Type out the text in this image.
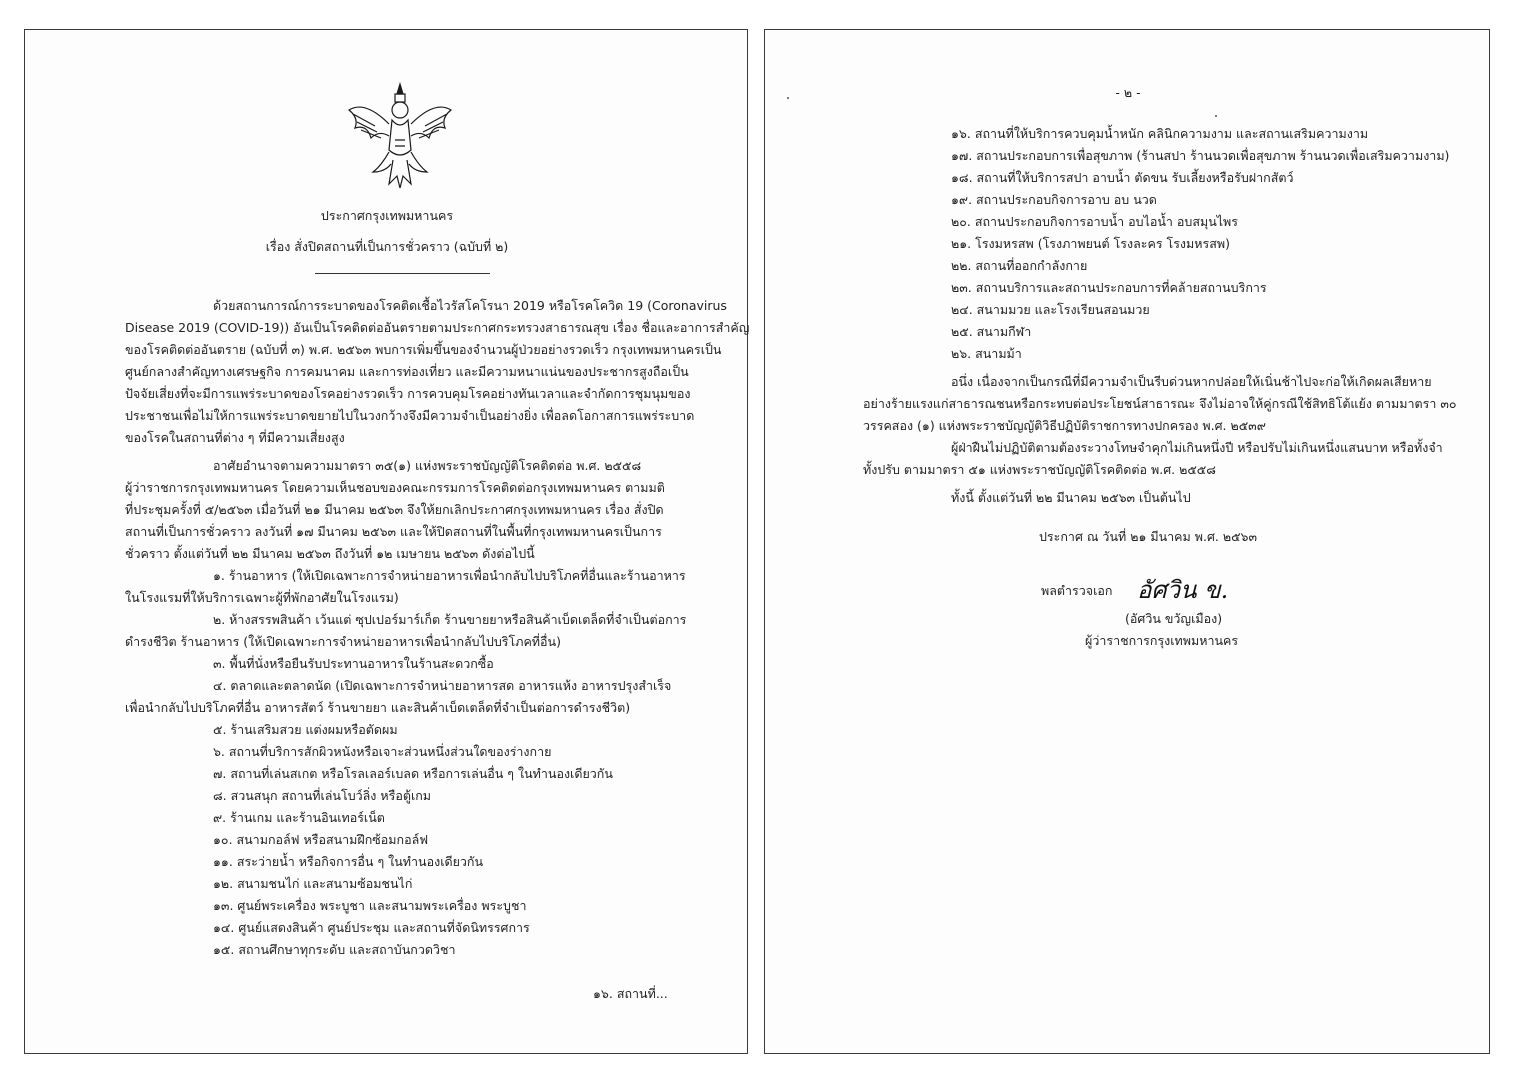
ประกาศกรุงเทพมหานคร
เรื่อง สั่งปิดสถานที่เป็นการชั่วคราว (ฉบับที่ ๒)
ด้วยสถานการณ์การระบาดของโรคติดเชื้อไวรัสโคโรนา 2019 หรือโรคโควิด 19 (Coronavirus
Disease 2019 (COVID-19)) อันเป็นโรคติดต่ออันตรายตามประกาศกระทรวงสาธารณสุข เรื่อง ชื่อและอาการสำคัญ
ของโรคติดต่ออันตราย (ฉบับที่ ๓) พ.ศ. ๒๕๖๓ พบการเพิ่มขึ้นของจำนวนผู้ป่วยอย่างรวดเร็ว กรุงเทพมหานครเป็น
ศูนย์กลางสำคัญทางเศรษฐกิจ การคมนาคม และการท่องเที่ยว และมีความหนาแน่นของประชากรสูงถือเป็น
ปัจจัยเสี่ยงที่จะมีการแพร่ระบาดของโรคอย่างรวดเร็ว การควบคุมโรคอย่างทันเวลาและจำกัดการชุมนุมของ
ประชาชนเพื่อไม่ให้การแพร่ระบาดขยายไปในวงกว้างจึงมีความจำเป็นอย่างยิ่ง เพื่อลดโอกาสการแพร่ระบาด
ของโรคในสถานที่ต่าง ๆ ที่มีความเสี่ยงสูง
อาศัยอำนาจตามความมาตรา ๓๕(๑) แห่งพระราชบัญญัติโรคติดต่อ พ.ศ. ๒๕๕๘
ผู้ว่าราชการกรุงเทพมหานคร โดยความเห็นชอบของคณะกรรมการโรคติดต่อกรุงเทพมหานคร ตามมติ
ที่ประชุมครั้งที่ ๕/๒๕๖๓ เมื่อวันที่ ๒๑ มีนาคม ๒๕๖๓ จึงให้ยกเลิกประกาศกรุงเทพมหานคร เรื่อง สั่งปิด
สถานที่เป็นการชั่วคราว ลงวันที่ ๑๗ มีนาคม ๒๕๖๓ และให้ปิดสถานที่ในพื้นที่กรุงเทพมหานครเป็นการ
ชั่วคราว ตั้งแต่วันที่ ๒๒ มีนาคม ๒๕๖๓ ถึงวันที่ ๑๒ เมษายน ๒๕๖๓ ดังต่อไปนี้
๑. ร้านอาหาร (ให้เปิดเฉพาะการจำหน่ายอาหารเพื่อนำกลับไปบริโภคที่อื่นและร้านอาหาร
ในโรงแรมที่ให้บริการเฉพาะผู้ที่พักอาศัยในโรงแรม)
๒. ห้างสรรพสินค้า เว้นแต่ ซุปเปอร์มาร์เก็ต ร้านขายยาหรือสินค้าเบ็ดเตล็ดที่จำเป็นต่อการ
ดำรงชีวิต ร้านอาหาร (ให้เปิดเฉพาะการจำหน่ายอาหารเพื่อนำกลับไปบริโภคที่อื่น)
๓. พื้นที่นั่งหรือยืนรับประทานอาหารในร้านสะดวกซื้อ
๔. ตลาดและตลาดนัด (เปิดเฉพาะการจำหน่ายอาหารสด อาหารแห้ง อาหารปรุงสำเร็จ
เพื่อนำกลับไปบริโภคที่อื่น อาหารสัตว์ ร้านขายยา และสินค้าเบ็ดเตล็ดที่จำเป็นต่อการดำรงชีวิต)
๕. ร้านเสริมสวย แต่งผมหรือตัดผม
๖. สถานที่บริการสักผิวหนังหรือเจาะส่วนหนึ่งส่วนใดของร่างกาย
๗. สถานที่เล่นสเกต หรือโรลเลอร์เบลด หรือการเล่นอื่น ๆ ในทำนองเดียวกัน
๘. สวนสนุก สถานที่เล่นโบว์ลิ่ง หรือตู้เกม
๙. ร้านเกม และร้านอินเทอร์เน็ต
๑๐. สนามกอล์ฟ หรือสนามฝึกซ้อมกอล์ฟ
๑๑. สระว่ายน้ำ หรือกิจการอื่น ๆ ในทำนองเดียวกัน
๑๒. สนามชนไก่ และสนามซ้อมชนไก่
๑๓. ศูนย์พระเครื่อง พระบูชา และสนามพระเครื่อง พระบูชา
๑๔. ศูนย์แสดงสินค้า ศูนย์ประชุม และสถานที่จัดนิทรรศการ
๑๕. สถานศึกษาทุกระดับ และสถาบันกวดวิชา
๑๖. สถานที่...
- ๒ -
๑๖. สถานที่ให้บริการควบคุมน้ำหนัก คลินิกความงาม และสถานเสริมความงาม
๑๗. สถานประกอบการเพื่อสุขภาพ (ร้านสปา ร้านนวดเพื่อสุขภาพ ร้านนวดเพื่อเสริมความงาม)
๑๘. สถานที่ให้บริการสปา อาบน้ำ ตัดขน รับเลี้ยงหรือรับฝากสัตว์
๑๙. สถานประกอบกิจการอาบ อบ นวด
๒๐. สถานประกอบกิจการอาบน้ำ อบไอน้ำ อบสมุนไพร
๒๑. โรงมหรสพ (โรงภาพยนต์ โรงละคร โรงมหรสพ)
๒๒. สถานที่ออกกำลังกาย
๒๓. สถานบริการและสถานประกอบการที่คล้ายสถานบริการ
๒๔. สนามมวย และโรงเรียนสอนมวย
๒๕. สนามกีฬา
๒๖. สนามม้า
อนึ่ง เนื่องจากเป็นกรณีที่มีความจำเป็นรีบด่วนหากปล่อยให้เนิ่นช้าไปจะก่อให้เกิดผลเสียหาย
อย่างร้ายแรงแก่สาธารณชนหรือกระทบต่อประโยชน์สาธารณะ จึงไม่อาจให้คู่กรณีใช้สิทธิโต้แย้ง ตามมาตรา ๓๐
วรรคสอง (๑) แห่งพระราชบัญญัติวิธีปฏิบัติราชการทางปกครอง พ.ศ. ๒๕๓๙
ผู้ฝ่าฝืนไม่ปฏิบัติตามต้องระวางโทษจำคุกไม่เกินหนึ่งปี หรือปรับไม่เกินหนึ่งแสนบาท หรือทั้งจำ
ทั้งปรับ ตามมาตรา ๕๑ แห่งพระราชบัญญัติโรคติดต่อ พ.ศ. ๒๕๕๘
ทั้งนี้ ตั้งแต่วันที่ ๒๒ มีนาคม ๒๕๖๓ เป็นต้นไป
ประกาศ ณ วันที่ ๒๑ มีนาคม พ.ศ. ๒๕๖๓
พลตำรวจเอก อัศวิน ข.
(อัศวิน ขวัญเมือง)
ผู้ว่าราชการกรุงเทพมหานคร
